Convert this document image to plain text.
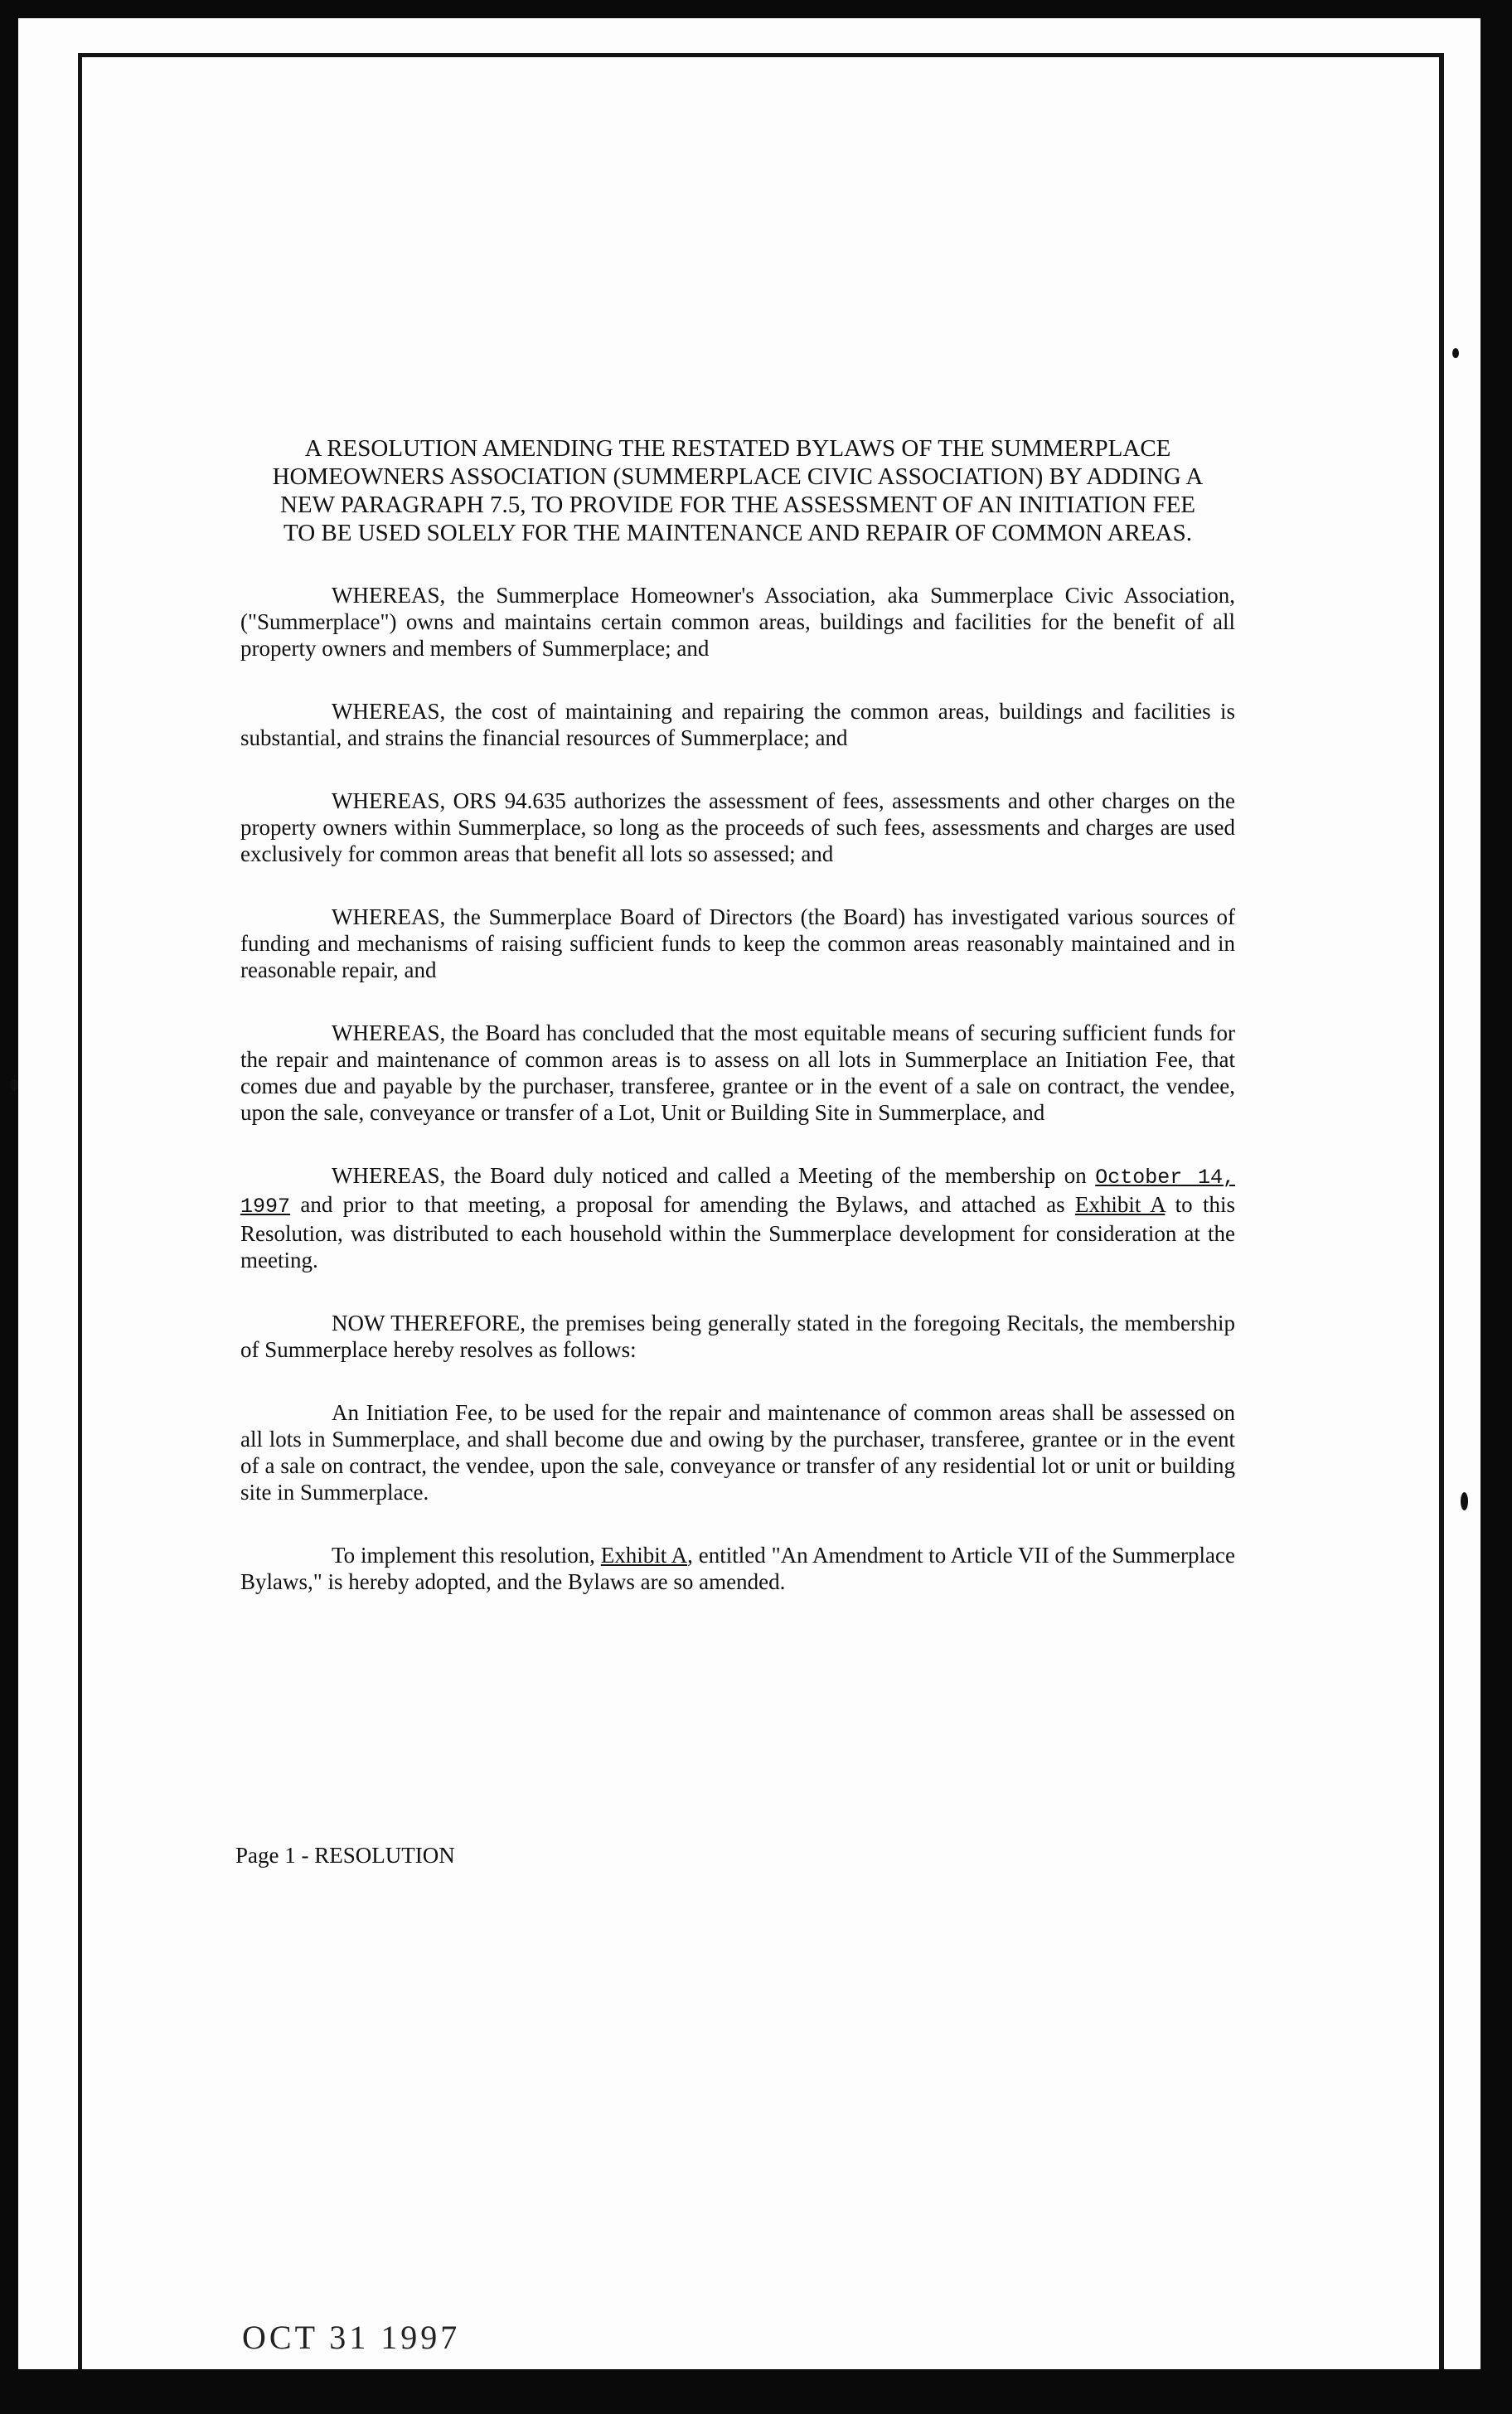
A RESOLUTION AMENDING THE RESTATED BYLAWS OF THE SUMMERPLACE HOMEOWNERS ASSOCIATION (SUMMERPLACE CIVIC ASSOCIATION) BY ADDING A NEW PARAGRAPH 7.5, TO PROVIDE FOR THE ASSESSMENT OF AN INITIATION FEE TO BE USED SOLELY FOR THE MAINTENANCE AND REPAIR OF COMMON AREAS.

WHEREAS, the Summerplace Homeowner's Association, aka Summerplace Civic Association, ("Summerplace") owns and maintains certain common areas, buildings and facilities for the benefit of all property owners and members of Summerplace; and

WHEREAS, the cost of maintaining and repairing the common areas, buildings and facilities is substantial, and strains the financial resources of Summerplace; and

WHEREAS, ORS 94.635 authorizes the assessment of fees, assessments and other charges on the property owners within Summerplace, so long as the proceeds of such fees, assessments and charges are used exclusively for common areas that benefit all lots so assessed; and

WHEREAS, the Summerplace Board of Directors (the Board) has investigated various sources of funding and mechanisms of raising sufficient funds to keep the common areas reasonably maintained and in reasonable repair, and

WHEREAS, the Board has concluded that the most equitable means of securing sufficient funds for the repair and maintenance of common areas is to assess on all lots in Summerplace an Initiation Fee, that comes due and payable by the purchaser, transferee, grantee or in the event of a sale on contract, the vendee, upon the sale, conveyance or transfer of a Lot, Unit or Building Site in Summerplace, and

WHEREAS, the Board duly noticed and called a Meeting of the membership on October 14, 1997 and prior to that meeting, a proposal for amending the Bylaws, and attached as Exhibit A to this Resolution, was distributed to each household within the Summerplace development for consideration at the meeting.

NOW THEREFORE, the premises being generally stated in the foregoing Recitals, the membership of Summerplace hereby resolves as follows:

An Initiation Fee, to be used for the repair and maintenance of common areas shall be assessed on all lots in Summerplace, and shall become due and owing by the purchaser, transferee, grantee or in the event of a sale on contract, the vendee, upon the sale, conveyance or transfer of any residential lot or unit or building site in Summerplace.

To implement this resolution, Exhibit A, entitled "An Amendment to Article VII of the Summerplace Bylaws," is hereby adopted, and the Bylaws are so amended.

Page 1 - RESOLUTION
OCT 31 1997
